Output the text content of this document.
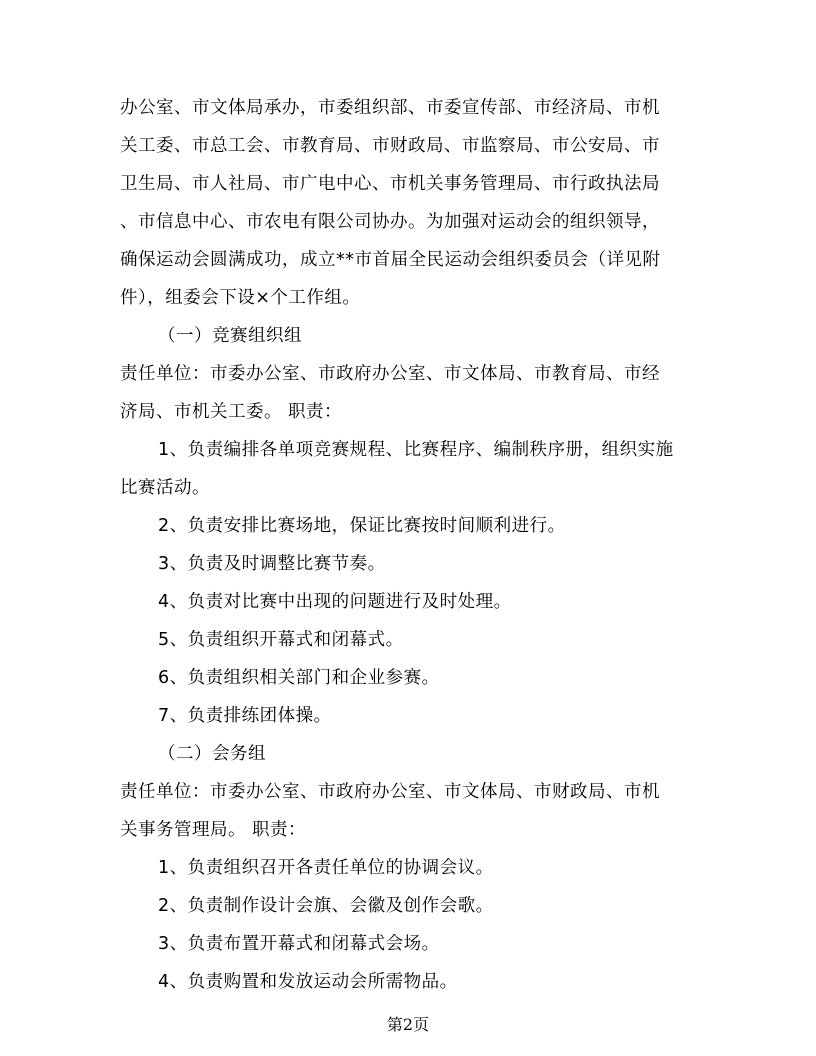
办公室、市文体局承办，市委组织部、市委宣传部、市经济局、市机
关工委、市总工会、市教育局、市财政局、市监察局、市公安局、市
卫生局、市人社局、市广电中心、市机关事务管理局、市行政执法局
、市信息中心、市农电有限公司协办。为加强对运动会的组织领导，
确保运动会圆满成功，成立**市首届全民运动会组织委员会（详见附
件），组委会下设×个工作组。
（一）竞赛组织组
责任单位：市委办公室、市政府办公室、市文体局、市教育局、市经
济局、市机关工委。 职责：
1、负责编排各单项竞赛规程、比赛程序、编制秩序册，组织实施
比赛活动。
2、负责安排比赛场地，保证比赛按时间顺利进行。
3、负责及时调整比赛节奏。
4、负责对比赛中出现的问题进行及时处理。
5、负责组织开幕式和闭幕式。
6、负责组织相关部门和企业参赛。
7、负责排练团体操。
（二）会务组
责任单位：市委办公室、市政府办公室、市文体局、市财政局、市机
关事务管理局。 职责：
1、负责组织召开各责任单位的协调会议。
2、负责制作设计会旗、会徽及创作会歌。
3、负责布置开幕式和闭幕式会场。
4、负责购置和发放运动会所需物品。
第2页
